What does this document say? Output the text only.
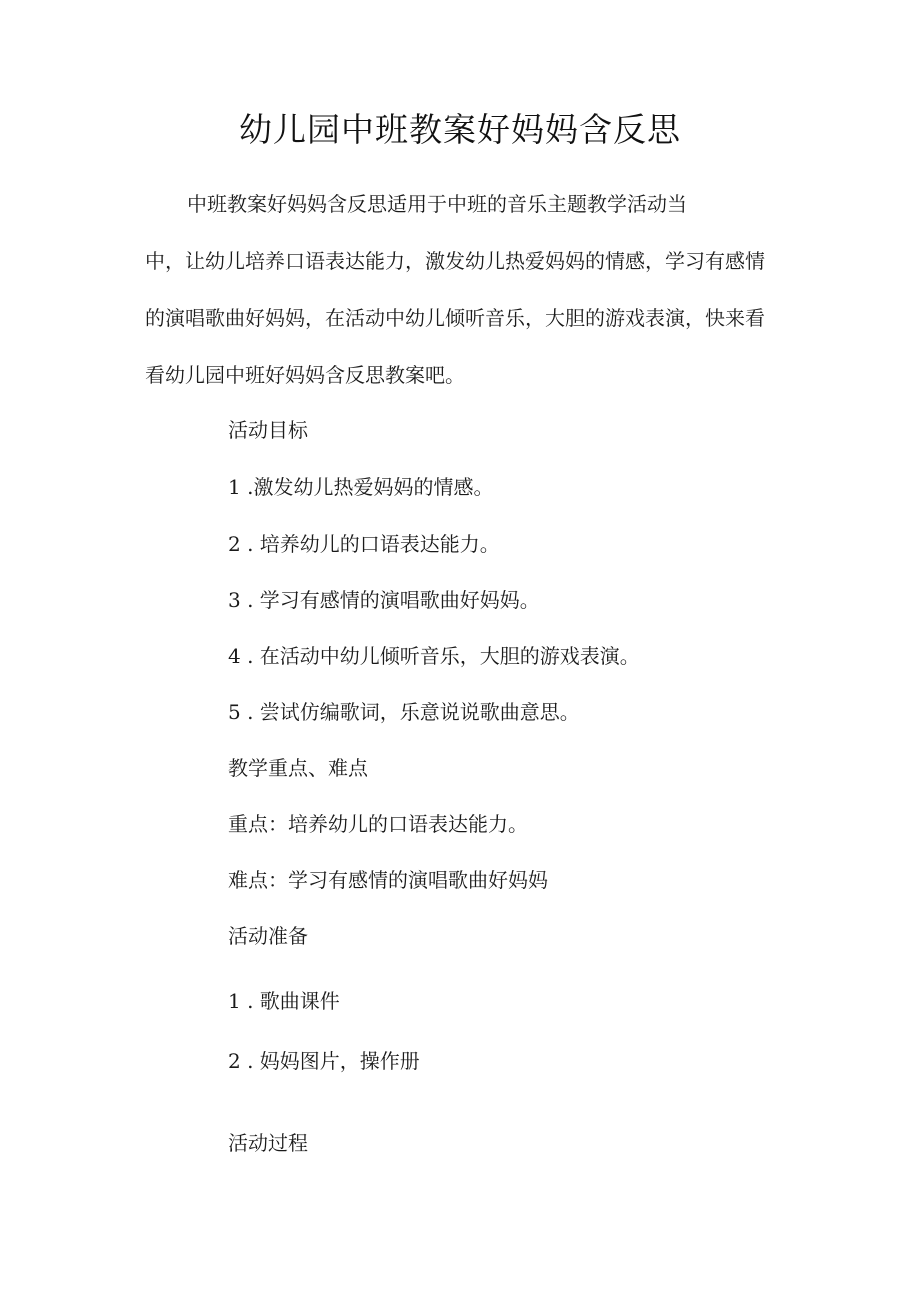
幼儿园中班教案好妈妈含反思
中班教案好妈妈含反思适用于中班的音乐主题教学活动当
中，让幼儿培养口语表达能力，激发幼儿热爱妈妈的情感，学习有感情
的演唱歌曲好妈妈，在活动中幼儿倾听音乐，大胆的游戏表演，快来看
看幼儿园中班好妈妈含反思教案吧。
活动目标
1 .激发幼儿热爱妈妈的情感。
2 . 培养幼儿的口语表达能力。
3 . 学习有感情的演唱歌曲好妈妈。
4 . 在活动中幼儿倾听音乐，大胆的游戏表演。
5 . 尝试仿编歌词，乐意说说歌曲意思。
教学重点、难点
重点：培养幼儿的口语表达能力。
难点：学习有感情的演唱歌曲好妈妈
活动准备
1 . 歌曲课件
2 . 妈妈图片，操作册
活动过程
